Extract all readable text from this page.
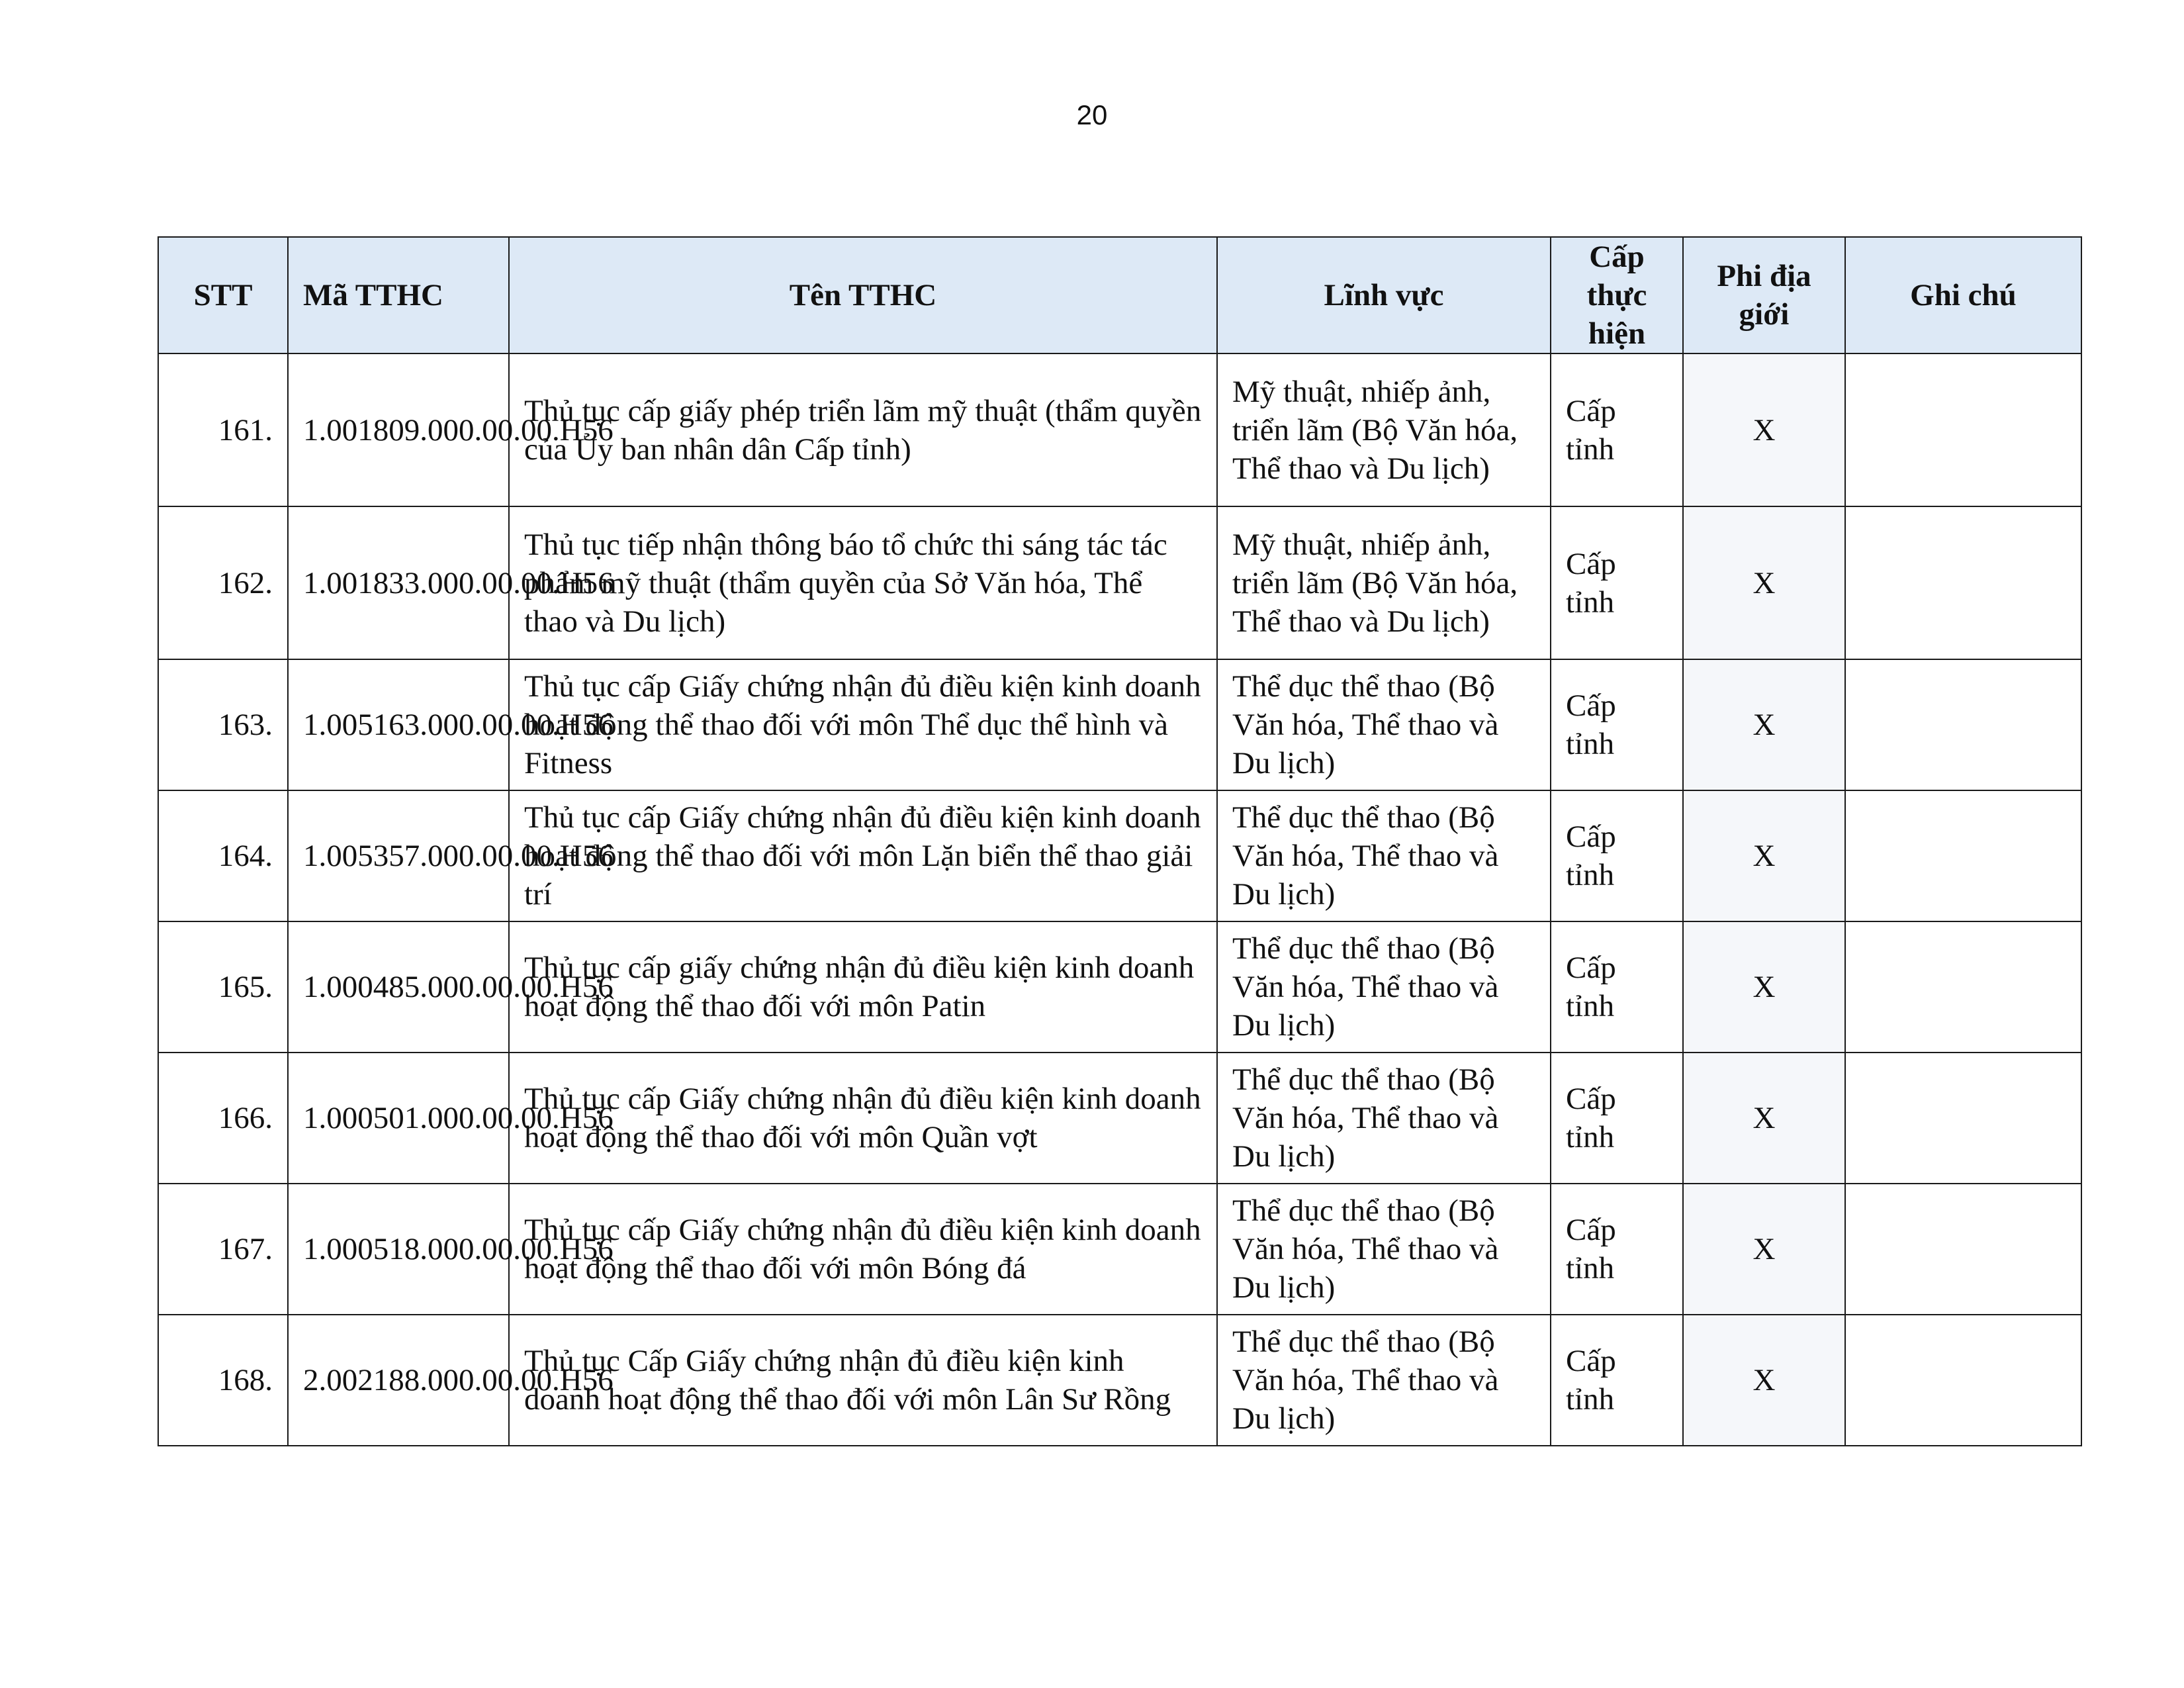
20
STT	Mã TTHC	Tên TTHC	Lĩnh vực	Cấp thực hiện	Phi địa giới	Ghi chú
161.	1.001809.000.00.00.H56	Thủ tục cấp giấy phép triển lãm mỹ thuật (thẩm quyền của Ủy ban nhân dân Cấp tỉnh)	Mỹ thuật, nhiếp ảnh, triển lãm (Bộ Văn hóa, Thể thao và Du lịch)	Cấp tỉnh	X	
162.	1.001833.000.00.00.H56	Thủ tục tiếp nhận thông báo tổ chức thi sáng tác tác phẩm mỹ thuật (thẩm quyền của Sở Văn hóa, Thể thao và Du lịch)	Mỹ thuật, nhiếp ảnh, triển lãm (Bộ Văn hóa, Thể thao và Du lịch)	Cấp tỉnh	X	
163.	1.005163.000.00.00.H56	Thủ tục cấp Giấy chứng nhận đủ điều kiện kinh doanh hoạt động thể thao đối với môn Thể dục thể hình và Fitness	Thể dục thể thao (Bộ Văn hóa, Thể thao và Du lịch)	Cấp tỉnh	X	
164.	1.005357.000.00.00.H56	Thủ tục cấp Giấy chứng nhận đủ điều kiện kinh doanh hoạt động thể thao đối với môn Lặn biển thể thao giải trí	Thể dục thể thao (Bộ Văn hóa, Thể thao và Du lịch)	Cấp tỉnh	X	
165.	1.000485.000.00.00.H56	Thủ tục cấp giấy chứng nhận đủ điều kiện kinh doanh hoạt động thể thao đối với môn Patin	Thể dục thể thao (Bộ Văn hóa, Thể thao và Du lịch)	Cấp tỉnh	X	
166.	1.000501.000.00.00.H56	Thủ tục cấp Giấy chứng nhận đủ điều kiện kinh doanh hoạt động thể thao đối với môn Quần vợt	Thể dục thể thao (Bộ Văn hóa, Thể thao và Du lịch)	Cấp tỉnh	X	
167.	1.000518.000.00.00.H56	Thủ tục cấp Giấy chứng nhận đủ điều kiện kinh doanh hoạt động thể thao đối với môn Bóng đá	Thể dục thể thao (Bộ Văn hóa, Thể thao và Du lịch)	Cấp tỉnh	X	
168.	2.002188.000.00.00.H56	Thủ tục Cấp Giấy chứng nhận đủ điều kiện kinh doanh hoạt động thể thao đối với môn Lân Sư Rồng	Thể dục thể thao (Bộ Văn hóa, Thể thao và Du lịch)	Cấp tỉnh	X	
